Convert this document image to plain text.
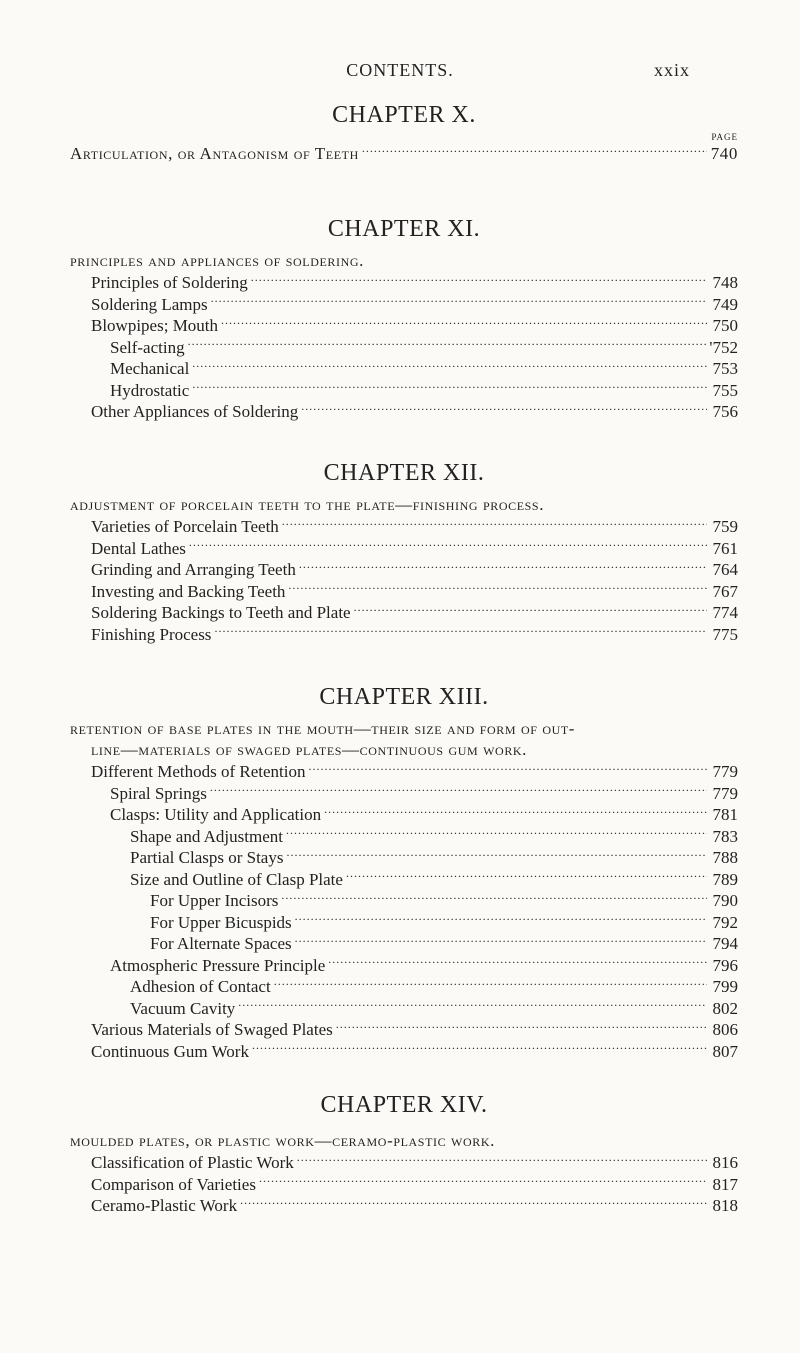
CONTENTS.	xxix
CHAPTER X.
PAGE
Articulation, or Antagonism of Teeth .....	740
CHAPTER XI.
principles and appliances of soldering.
Principles of Soldering .....	748
Soldering Lamps .....	749
Blowpipes; Mouth .....	750
Self-acting .....	'752
Mechanical .....	753
Hydrostatic .....	755
Other Appliances of Soldering .....	756
CHAPTER XII.
adjustment of porcelain teeth to the plate—finishing process.
Varieties of Porcelain Teeth .....	759
Dental Lathes .....	761
Grinding and Arranging Teeth .....	764
Investing and Backing Teeth .....	767
Soldering Backings to Teeth and Plate .....	774
Finishing Process .....	775
CHAPTER XIII.
retention of base plates in the mouth—their size and form of out-
line—materials of swaged plates—continuous gum work.
Different Methods of Retention .....	779
Spiral Springs .....	779
Clasps: Utility and Application .....	781
Shape and Adjustment .....	783
Partial Clasps or Stays .....	788
Size and Outline of Clasp Plate .....	789
For Upper Incisors .....	790
For Upper Bicuspids .....	792
For Alternate Spaces .....	794
Atmospheric Pressure Principle .....	796
Adhesion of Contact .....	799
Vacuum Cavity .....	802
Various Materials of Swaged Plates .....	806
Continuous Gum Work .....	807
CHAPTER XIV.
moulded plates, or plastic work—ceramo-plastic work.
Classification of Plastic Work .....	816
Comparison of Varieties .....	817
Ceramo-Plastic Work .....	818
